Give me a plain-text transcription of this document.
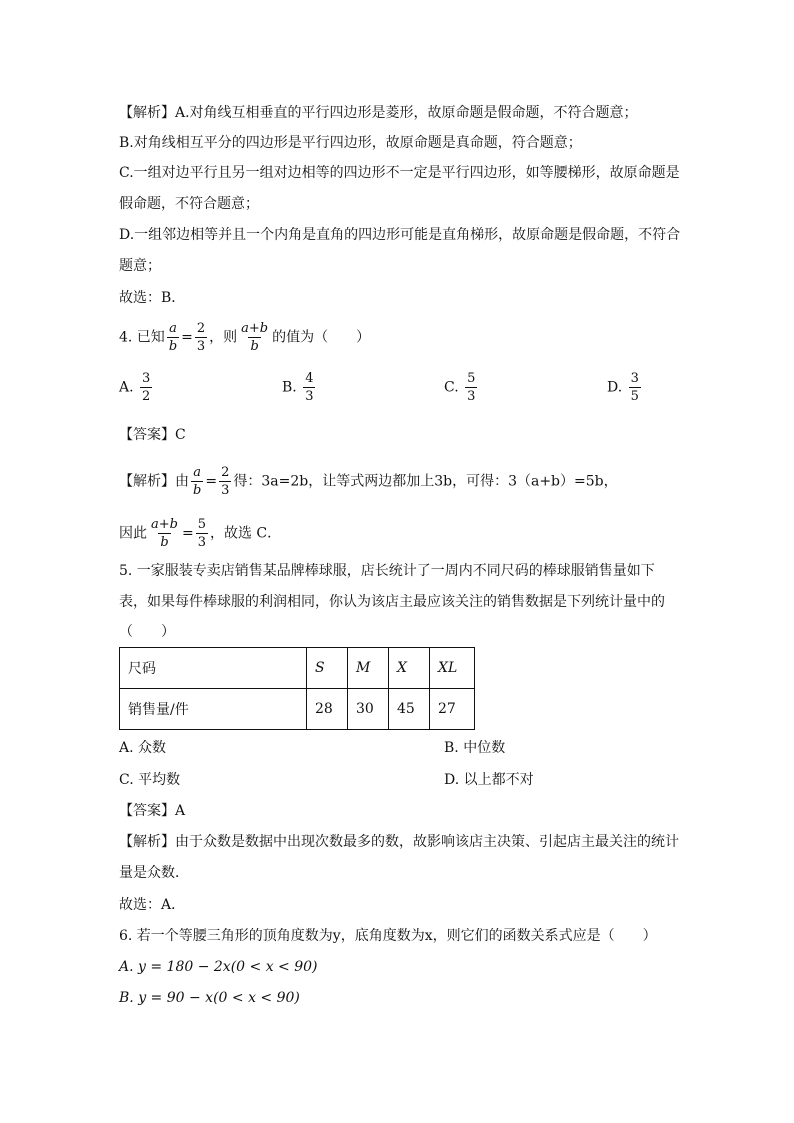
【解析】A.对角线互相垂直的平行四边形是菱形，故原命题是假命题，不符合题意；
B.对角线相互平分的四边形是平行四边形，故原命题是真命题，符合题意；
C.一组对边平行且另一组对边相等的四边形不一定是平行四边形，如等腰梯形，故原命题是
假命题，不符合题意；
D.一组邻边相等并且一个内角是直角的四边形可能是直角梯形，故原命题是假命题，不符合
题意；
故选：B．
4. 已知 $\frac{a}{b} = \frac{2}{3}$ ，则 $\frac{a+b}{b}$ 的值为（　　）
A. $\frac{3}{2}$	B. $\frac{4}{3}$	C. $\frac{5}{3}$	D. $\frac{3}{5}$
【答案】C
【解析】由 $\frac{a}{b} = \frac{2}{3}$ 得：3a=2b，让等式两边都加上3b，可得：3（a+b）=5b，
因此 $\frac{a+b}{b} = \frac{5}{3}$ ，故选 C．
5. 一家服装专卖店销售某品牌棒球服，店长统计了一周内不同尺码的棒球服销售量如下
表，如果每件棒球服的利润相同，你认为该店主最应该关注的销售数据是下列统计量中的
（　　）
尺码	S	M	X	XL
销售量/件	28	30	45	27
A. 众数	B. 中位数
C. 平均数	D. 以上都不对
【答案】A
【解析】由于众数是数据中出现次数最多的数，故影响该店主决策、引起店主最关注的统计
量是众数．
故选：A．
6. 若一个等腰三角形的顶角度数为y，底角度数为x，则它们的函数关系式应是（　　）
A. y = 180 − 2x(0 < x < 90)
B. y = 90 − x(0 < x < 90)
